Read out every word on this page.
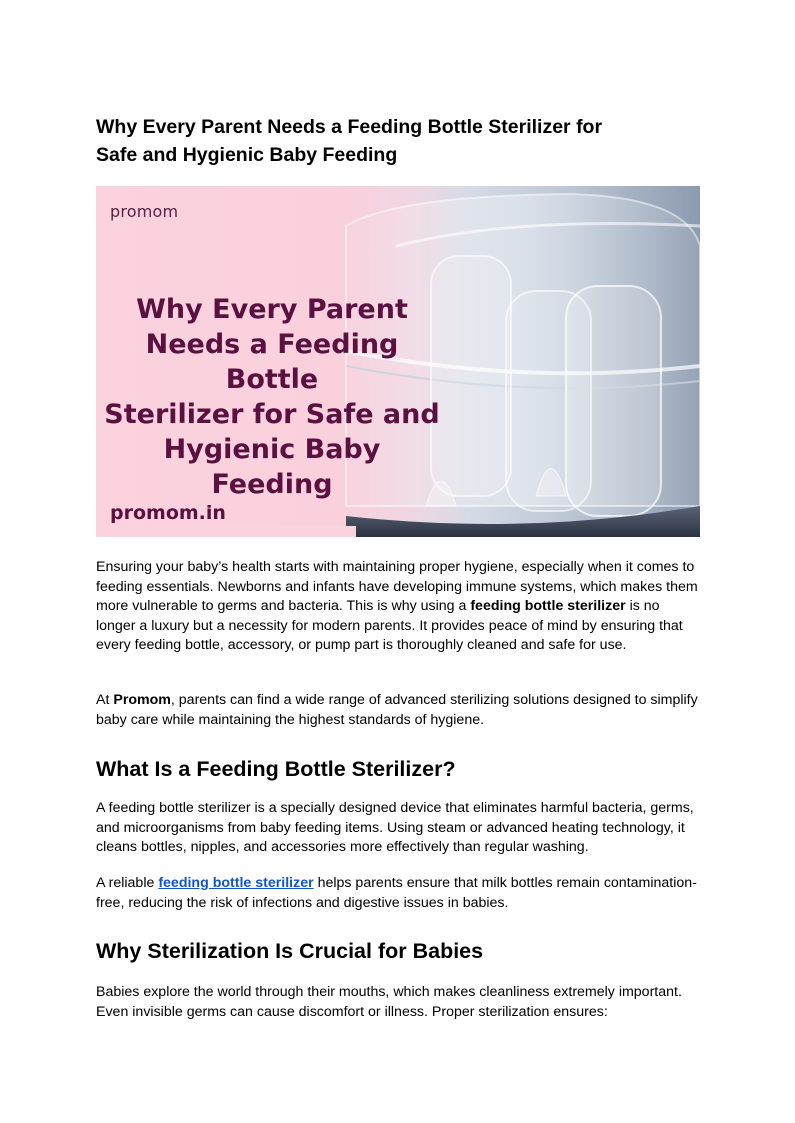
Why Every Parent Needs a Feeding Bottle Sterilizer for
Safe and Hygienic Baby Feeding
promom
Why Every Parent
Needs a Feeding Bottle
Sterilizer for Safe and
Hygienic Baby Feeding
promom.in

Ensuring your baby’s health starts with maintaining proper hygiene, especially when it comes to feeding essentials. Newborns and infants have developing immune systems, which makes them more vulnerable to germs and bacteria. This is why using a feeding bottle sterilizer is no longer a luxury but a necessity for modern parents. It provides peace of mind by ensuring that every feeding bottle, accessory, or pump part is thoroughly cleaned and safe for use.

At Promom, parents can find a wide range of advanced sterilizing solutions designed to simplify baby care while maintaining the highest standards of hygiene.

What Is a Feeding Bottle Sterilizer?

A feeding bottle sterilizer is a specially designed device that eliminates harmful bacteria, germs, and microorganisms from baby feeding items. Using steam or advanced heating technology, it cleans bottles, nipples, and accessories more effectively than regular washing.

A reliable feeding bottle sterilizer helps parents ensure that milk bottles remain contamination-free, reducing the risk of infections and digestive issues in babies.

Why Sterilization Is Crucial for Babies

Babies explore the world through their mouths, which makes cleanliness extremely important. Even invisible germs can cause discomfort or illness. Proper sterilization ensures:
